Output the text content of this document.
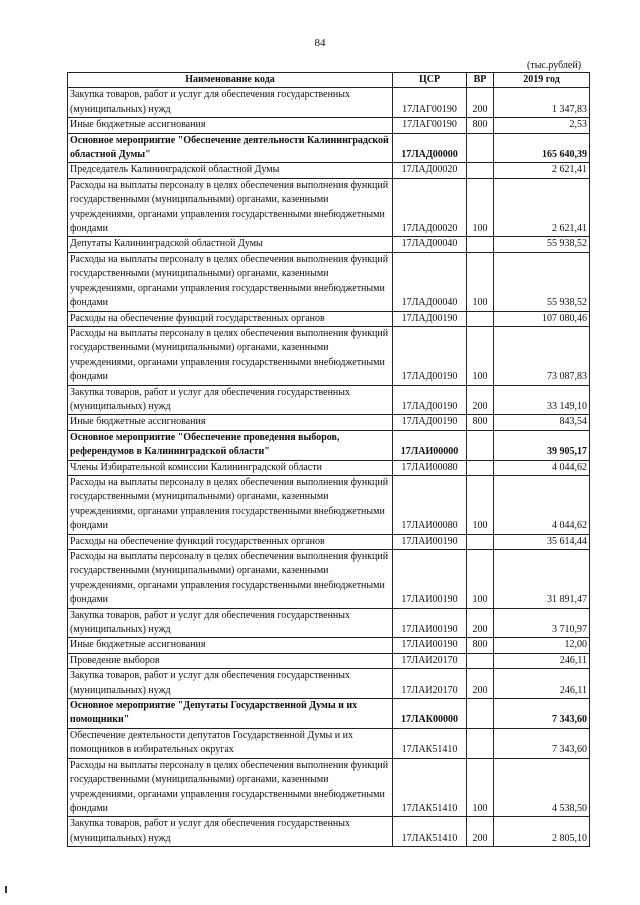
84
(тыс.рублей)
Наименование кода	ЦСР	ВР	2019 год
Закупка товаров, работ и услуг для обеспечения государственных (муниципальных) нужд	17ЛАГ00190	200	1 347,83
Иные бюджетные ассигнования	17ЛАГ00190	800	2,53
Основное мероприятие "Обеспечение деятельности Калининградской областной Думы"	17ЛАД00000		165 640,39
Председатель Калининградской областной Думы	17ЛАД00020		2 621,41
Расходы на выплаты персоналу в целях обеспечения выполнения функций государственными (муниципальными) органами, казенными учреждениями, органами управления государственными внебюджетными фондами	17ЛАД00020	100	2 621,41
Депутаты Калининградской областной Думы	17ЛАД00040		55 938,52
Расходы на выплаты персоналу в целях обеспечения выполнения функций государственными (муниципальными) органами, казенными учреждениями, органами управления государственными внебюджетными фондами	17ЛАД00040	100	55 938,52
Расходы на обеспечение функций государственных органов	17ЛАД00190		107 080,46
Расходы на выплаты персоналу в целях обеспечения выполнения функций государственными (муниципальными) органами, казенными учреждениями, органами управления государственными внебюджетными фондами	17ЛАД00190	100	73 087,83
Закупка товаров, работ и услуг для обеспечения государственных (муниципальных) нужд	17ЛАД00190	200	33 149,10
Иные бюджетные ассигнования	17ЛАД00190	800	843,54
Основное мероприятие "Обеспечение проведения выборов, референдумов в Калининградской области"	17ЛАИ00000		39 905,17
Члены Избирательной комиссии Калининградской области	17ЛАИ00080		4 044,62
Расходы на выплаты персоналу в целях обеспечения выполнения функций государственными (муниципальными) органами, казенными учреждениями, органами управления государственными внебюджетными фондами	17ЛАИ00080	100	4 044,62
Расходы на обеспечение функций государственных органов	17ЛАИ00190		35 614,44
Расходы на выплаты персоналу в целях обеспечения выполнения функций государственными (муниципальными) органами, казенными учреждениями, органами управления государственными внебюджетными фондами	17ЛАИ00190	100	31 891,47
Закупка товаров, работ и услуг для обеспечения государственных (муниципальных) нужд	17ЛАИ00190	200	3 710,97
Иные бюджетные ассигнования	17ЛАИ00190	800	12,00
Проведение выборов	17ЛАИ20170		246,11
Закупка товаров, работ и услуг для обеспечения государственных (муниципальных) нужд	17ЛАИ20170	200	246,11
Основное мероприятие "Депутаты Государственной Думы и их помощники"	17ЛАК00000		7 343,60
Обеспечение деятельности депутатов Государственной Думы и их помощников в избирательных округах	17ЛАК51410		7 343,60
Расходы на выплаты персоналу в целях обеспечения выполнения функций государственными (муниципальными) органами, казенными учреждениями, органами управления государственными внебюджетными фондами	17ЛАК51410	100	4 538,50
Закупка товаров, работ и услуг для обеспечения государственных (муниципальных) нужд	17ЛАК51410	200	2 805,10
